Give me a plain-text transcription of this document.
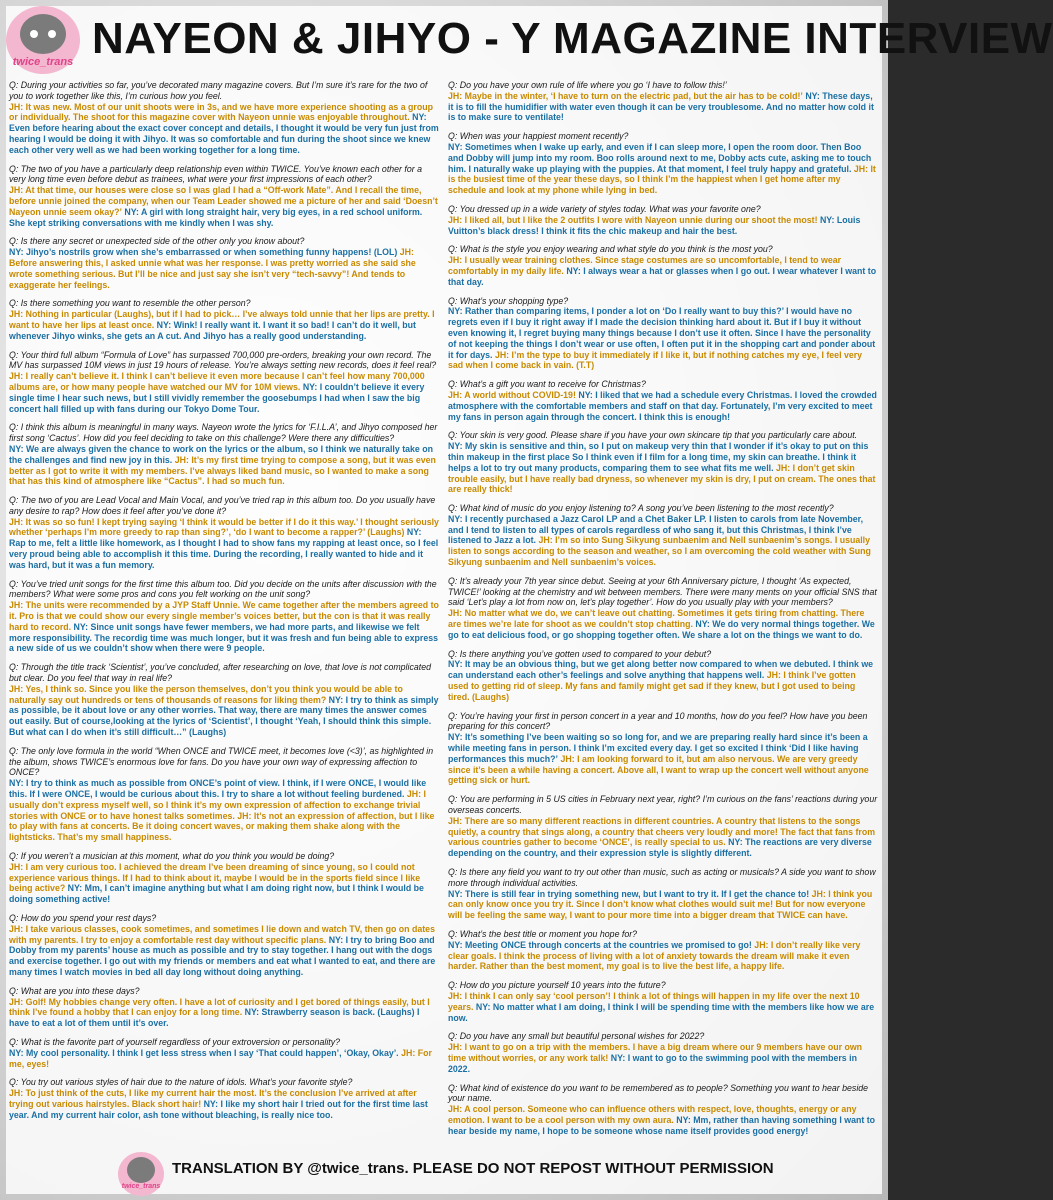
twice_trans NAYEON & JIHYO - Y MAGAZINE INTERVIEW
Q: During your activities so far, you’ve decorated many magazine covers. But I’m sure it’s rare for the two of you to work together like this, I’m curious how you feel.
JH: It was new. Most of our unit shoots were in 3s, and we have more experience shooting as a group or individually. The shoot for this magazine cover with Nayeon unnie was enjoyable throughout. NY: Even before hearing about the exact cover concept and details, I thought it would be very fun just from hearing I would be doing it with Jihyo. It was so comfortable and fun during the shoot since we knew each other very well as we had been working together for a long time.
Q: The two of you have a particularly deep relationship even within TWICE. You’ve known each other for a very long time even before debut as trainees, what were your first impressions of each other?
JH: At that time, our houses were close so I was glad I had a “Off-work Mate”. And I recall the time, before unnie joined the company, when our Team Leader showed me a picture of her and said ‘Doesn’t Nayeon unnie seem okay?’ NY: A girl with long straight hair, very big eyes, in a red school uniform. She kept striking conversations with me kindly when I was shy.
Q: Is there any secret or unexpected side of the other only you know about?
NY: Jihyo’s nostrils grow when she’s embarrassed or when something funny happens! (LOL) JH: Before answering this, I asked unnie what was her response. I was pretty worried as she said she wrote something serious. But I’ll be nice and just say she isn’t very “tech-savvy”! And tends to exaggerate her feelings.
Q: Is there something you want to resemble the other person?
JH: Nothing in particular (Laughs), but if I had to pick… I’ve always told unnie that her lips are pretty. I want to have her lips at least once. NY: Wink! I really want it. I want it so bad! I can’t do it well, but whenever Jihyo winks, she gets an A cut. And Jihyo has a really good understanding.
Q: Your third full album “Formula of Love” has surpassed 700,000 pre-orders, breaking your own record. The MV has surpassed 10M views in just 19 hours of release. You’re always setting new records, does it feel real?
JH: I really can’t believe it. I think I can’t believe it even more because I can’t feel how many 700,000 albums are, or how many people have watched our MV for 10M views. NY: I couldn’t believe it every single time I hear such news, but I still vividly remember the goosebumps I had when I saw the big concert hall filled up with fans during our Tokyo Dome Tour.
Q: I think this album is meaningful in many ways. Nayeon wrote the lyrics for ‘F.I.L.A’, and Jihyo composed her first song ‘Cactus’. How did you feel deciding to take on this challenge? Were there any difficulties?
NY: We are always given the chance to work on the lyrics or the album, so I think we naturally take on the challenges and find new joy in this. JH: It’s my first time trying to compose a song, but it was even better as I got to write it with my members. I’ve always liked band music, so I wanted to make a song that has this kind of atmosphere like “Cactus”. I had so much fun.
Q: The two of you are Lead Vocal and Main Vocal, and you’ve tried rap in this album too. Do you usually have any desire to rap? How does it feel after you’ve done it?
JH: It was so so fun! I kept trying saying ‘I think it would be better if I do it this way.’ I thought seriously whether ‘perhaps I’m more greedy to rap than sing?’, ‘do I want to become a rapper?’ (Laughs) NY: Rap to me, felt a little like homework, as I thought I had to show fans my rapping at least once, so I feel very proud being able to accomplish it this time. During the recording, I really wanted to hide and it was hard, but it was a fun memory.
Q: You’ve tried unit songs for the first time this album too. Did you decide on the units after discussion with the members? What were some pros and cons you felt working on the unit song?
JH: The units were recommended by a JYP Staff Unnie. We came together after the members agreed to it. Pro is that we could show our every single member’s voices better, but the con is that it was really hard to record. NY: Since unit songs have fewer members, we had more parts, and likewise we felt more responsibility. The recordig time was much longer, but it was fresh and fun being able to express a new side of us we couldn’t show when there were 9 people.
Q: Through the title track ‘Scientist’, you’ve concluded, after researching on love, that love is not complicated but clear. Do you feel that way in real life?
JH: Yes, I think so. Since you like the person themselves, don’t you think you would be able to naturally say out hundreds or tens of thousands of reasons for liking them? NY: I try to think as simply as possible, be it about love or any other worries. That way, there are many times the answer comes out easily. But of course,looking at the lyrics of ‘Scientist’, I thought ‘Yeah, I should think this simple. But what can I do when it’s still difficult…” (Laughs)
Q: The only love formula in the world “When ONCE and TWICE meet, it becomes love (<3)’, as highlighted in the album, shows TWICE’s enormous love for fans. Do you have your own way of expressing affection to ONCE?
NY: I try to think as much as possible from ONCE’s point of view. I think, if I were ONCE, I would like this. If I were ONCE, I would be curious about this. I try to share a lot without feeling burdened. JH: I usually don’t express myself well, so I think it’s my own expression of affection to exchange trivial stories with ONCE or to have honest talks sometimes. JH: It’s not an expression of affection, but I like to play with fans at concerts. Be it doing concert waves, or making them shake along with the lightsticks. That’s my small happiness.
Q: If you weren’t a musician at this moment, what do you think you would be doing?
JH: I am very curious too. I achieved the dream I’ve been dreaming of since young, so I could not experience various things. If I had to think about it, maybe I would be in the sports field since I like being active? NY: Mm, I can’t imagine anything but what I am doing right now, but I think I would be doing something active!
Q: How do you spend your rest days?
JH: I take various classes, cook sometimes, and sometimes I lie down and watch TV, then go on dates with my parents. I try to enjoy a comfortable rest day without specific plans. NY: I try to bring Boo and Dobby from my parents’ house as much as possible and try to stay together. I hang out with the dogs and exercise together. I go out with my friends or members and eat what I wanted to eat, and there are many times I watch movies in bed all day long without doing anything.
Q: What are you into these days?
JH: Golf! My hobbies change very often. I have a lot of curiosity and I get bored of things easily, but I think I’ve found a hobby that I can enjoy for a long time. NY: Strawberry season is back. (Laughs) I have to eat a lot of them until it’s over.
Q: What is the favorite part of yourself regardless of your extroversion or personality?
NY: My cool personality. I think I get less stress when I say ‘That could happen’, ‘Okay, Okay’. JH: For me, eyes!
Q: You try out various styles of hair due to the nature of idols. What’s your favorite style?
JH: To just think of the cuts, I like my current hair the most. It’s the conclusion I’ve arrived at after trying out various hairstyles. Black short hair! NY: I like my short hair I tried out for the first time last year. And my current hair color, ash tone without bleaching, is really nice too.
Q: Do you have your own rule of life where you go ‘I have to follow this!’
JH: Maybe in the winter, ‘I have to turn on the electric pad, but the air has to be cold!’ NY: These days, it is to fill the humidifier with water even though it can be very troublesome. And no matter how cold it is to make sure to ventilate!
Q: When was your happiest moment recently?
NY: Sometimes when I wake up early, and even if I can sleep more, I open the room door. Then Boo and Dobby will jump into my room. Boo rolls around next to me, Dobby acts cute, asking me to touch him. I naturally wake up playing with the puppies. At that moment, I feel truly happy and grateful. JH: It is the busiest time of the year these days, so I think I’m the happiest when I get home after my schedule and look at my phone while lying in bed.
Q: You dressed up in a wide variety of styles today. What was your favorite one?
JH: I liked all, but I like the 2 outfits I wore with Nayeon unnie during our shoot the most! NY: Louis Vuitton’s black dress! I think it fits the chic makeup and hair the best.
Q: What is the style you enjoy wearing and what style do you think is the most you?
JH: I usually wear training clothes. Since stage costumes are so uncomfortable, I tend to wear comfortably in my daily life. NY: I always wear a hat or glasses when I go out. I wear whatever I want to that day.
Q: What’s your shopping type?
NY: Rather than comparing items, I ponder a lot on ‘Do I really want to buy this?’ I would have no regrets even if I buy it right away if I made the decision thinking hard about it. But if I buy it without even knowing it, I regret buying many things because I don’t use it often. Since I have the personality of not keeping the things I don’t wear or use often, I often put it in the shopping cart and ponder about it for days. JH: I’m the type to buy it immediately if I like it, but if nothing catches my eye, I feel very sad when I come back in vain. (T.T)
Q: What’s a gift you want to receive for Christmas?
JH: A world without COVID-19! NY: I liked that we had a schedule every Christmas. I loved the crowded atmosphere with the comfortable members and staff on that day. Fortunately, I’m very excited to meet my fans in person again through the concert. I think this is enough!
Q: Your skin is very good. Please share if you have your own skincare tip that you particularly care about.
NY: My skin is sensitive and thin, so I put on makeup very thin that I wonder if it’s okay to put on this thin makeup in the first place So I think even if I film for a long time, my skin can breathe. I think it helps a lot to try out many products, comparing them to see what fits me well. JH: I don’t get skin trouble easily, but I have really bad dryness, so whenever my skin is dry, I put on cream. The ones that are really thick!
Q: What kind of music do you enjoy listening to? A song you’ve been listening to the most recently?
NY: I recently purchased a Jazz Carol LP and a Chet Baker LP. I listen to carols from late November, and I tend to listen to all types of carols regardless of who sang it, but this Christmas, I think I’ve listened to Jazz a lot. JH: I’m so into Sung Sikyung sunbaenim and Nell sunbaenim’s songs. I usually listen to songs according to the season and weather, so I am overcoming the cold weather with Sung Sikyung sunbaenim and Nell sunbaenim’s voices.
Q: It’s already your 7th year since debut. Seeing at your 6th Anniversary picture, I thought ‘As expected, TWICE!’ looking at the chemistry and wit between members. There were many ments on your official SNS that said ‘Let’s play a lot from now on, let’s play together’. How do you usually play with your members?
JH: No matter what we do, we can’t leave out chatting. Sometimes it gets tiring from chatting. There are times we’re late for shoot as we couldn’t stop chatting. NY: We do very normal things together. We go to eat delicious food, or go shopping together often. We share a lot on the things we want to do.
Q: Is there anything you’ve gotten used to compared to your debut?
NY: It may be an obvious thing, but we get along better now compared to when we debuted. I think we can understand each other’s feelings and solve anything that happens well. JH: I think I’ve gotten used to getting rid of sleep. My fans and family might get sad if they knew, but I got used to being tired. (Laughs)
Q: You’re having your first in person concert in a year and 10 months, how do you feel? How have you been preparing for this concert?
NY: It’s something I’ve been waiting so so long for, and we are preparing really hard since it’s been a while meeting fans in person. I think I’m excited every day. I get so excited I think ‘Did I like having performances this much?’ JH: I am looking forward to it, but am also nervous. We are very greedy since it’s been a while having a concert. Above all, I want to wrap up the concert well without anyone getting sick or hurt.
Q: You are performing in 5 US cities in February next year, right? I’m curious on the fans’ reactions during your overseas concerts.
JH: There are so many different reactions in different countries. A country that listens to the songs quietly, a country that sings along, a country that cheers very loudly and more! The fact that fans from various countries gather to become ‘ONCE’, is really special to us. NY: The reactions are very diverse depending on the country, and their expression style is slightly different.
Q: Is there any field you want to try out other than music, such as acting or musicals? A side you want to show more through individual activities.
NY: There is still fear in trying something new, but I want to try it. If I get the chance to! JH: I think you can only know once you try it. Since I don’t know what clothes would suit me! But for now everyone will be feeling the same way, I want to pour more time into a bigger dream that TWICE can have.
Q: What’s the best title or moment you hope for?
NY: Meeting ONCE through concerts at the countries we promised to go! JH: I don’t really like very clear goals. I think the process of living with a lot of anxiety towards the dream will make it even harder. Rather than the best moment, my goal is to live the best life, a happy life.
Q: How do you picture yourself 10 years into the future?
JH: I think I can only say ‘cool person’! I think a lot of things will happen in my life over the next 10 years. NY: No matter what I am doing, I think I will be spending time with the members like how we are now.
Q: Do you have any small but beautiful personal wishes for 2022?
JH: I want to go on a trip with the members. I have a big dream where our 9 members have our own time without worries, or any work talk! NY: I want to go to the swimming pool with the members in 2022.
Q: What kind of existence do you want to be remembered as to people? Something you want to hear beside your name.
JH: A cool person. Someone who can influence others with respect, love, thoughts, energy or any emotion. I want to be a cool person with my own aura. NY: Mm, rather than having something I want to hear beside my name, I hope to be someone whose name itself provides good energy!
twice_trans
TRANSLATION BY @twice_trans. PLEASE DO NOT REPOST WITHOUT PERMISSION
